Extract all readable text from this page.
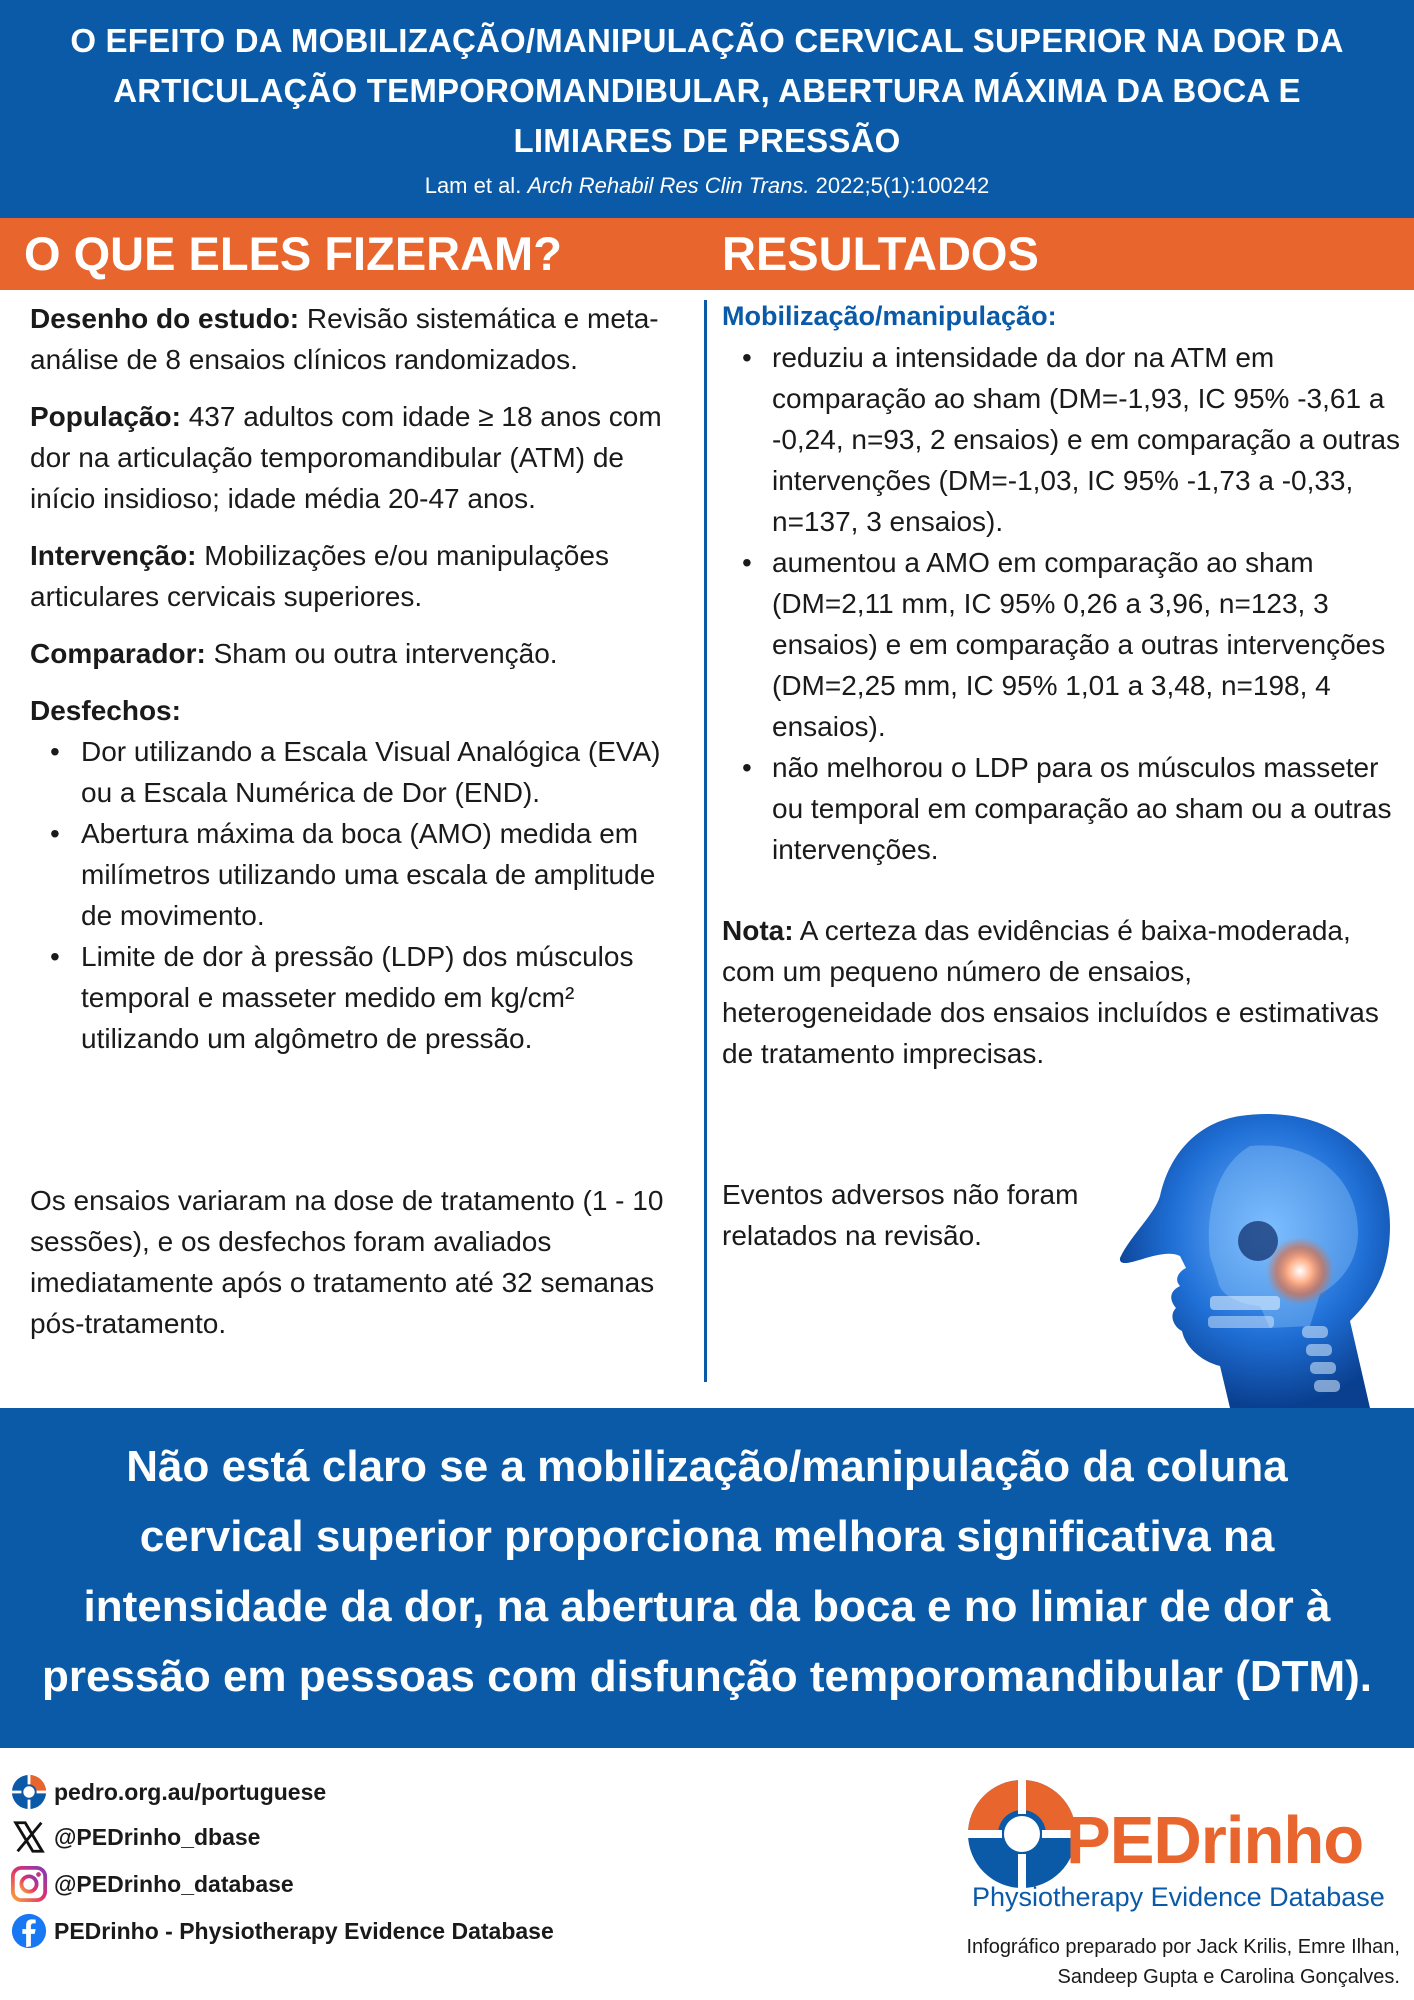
O EFEITO DA MOBILIZAÇÃO/MANIPULAÇÃO CERVICAL SUPERIOR NA DOR DA ARTICULAÇÃO TEMPOROMANDIBULAR, ABERTURA MÁXIMA DA BOCA E LIMIARES DE PRESSÃO
Lam et al. Arch Rehabil Res Clin Trans. 2022;5(1):100242
O QUE ELES FIZERAM?	RESULTADOS

Desenho do estudo: Revisão sistemática e meta-análise de 8 ensaios clínicos randomizados.

População: 437 adultos com idade ≥ 18 anos com dor na articulação temporomandibular (ATM) de início insidioso; idade média 20-47 anos.

Intervenção: Mobilizações e/ou manipulações articulares cervicais superiores.

Comparador: Sham ou outra intervenção.

Desfechos:
• Dor utilizando a Escala Visual Analógica (EVA) ou a Escala Numérica de Dor (END).
• Abertura máxima da boca (AMO) medida em milímetros utilizando uma escala de amplitude de movimento.
• Limite de dor à pressão (LDP) dos músculos temporal e masseter medido em kg/cm² utilizando um algômetro de pressão.
Os ensaios variaram na dose de tratamento (1 - 10 sessões), e os desfechos foram avaliados imediatamente após o tratamento até 32 semanas pós-tratamento.
Mobilização/manipulação:
• reduziu a intensidade da dor na ATM em comparação ao sham (DM=-1,93, IC 95% -3,61 a -0,24, n=93, 2 ensaios) e em comparação a outras intervenções (DM=-1,03, IC 95% -1,73 a -0,33, n=137, 3 ensaios).
• aumentou a AMO em comparação ao sham (DM=2,11 mm, IC 95% 0,26 a 3,96, n=123, 3 ensaios) e em comparação a outras intervenções (DM=2,25 mm, IC 95% 1,01 a 3,48, n=198, 4 ensaios).
• não melhorou o LDP para os músculos masseter ou temporal em comparação ao sham ou a outras intervenções.

Nota: A certeza das evidências é baixa-moderada, com um pequeno número de ensaios, heterogeneidade dos ensaios incluídos e estimativas de tratamento imprecisas.

Eventos adversos não foram relatados na revisão.

Não está claro se a mobilização/manipulação da coluna cervical superior proporciona melhora significativa na intensidade da dor, na abertura da boca e no limiar de dor à pressão em pessoas com disfunção temporomandibular (DTM).

pedro.org.au/portuguese
@PEDrinho_dbase
@PEDrinho_database
PEDrinho - Physiotherapy Evidence Database
PEDrinho
Physiotherapy Evidence Database
Infográfico preparado por Jack Krilis, Emre Ilhan,
Sandeep Gupta e Carolina Gonçalves.
